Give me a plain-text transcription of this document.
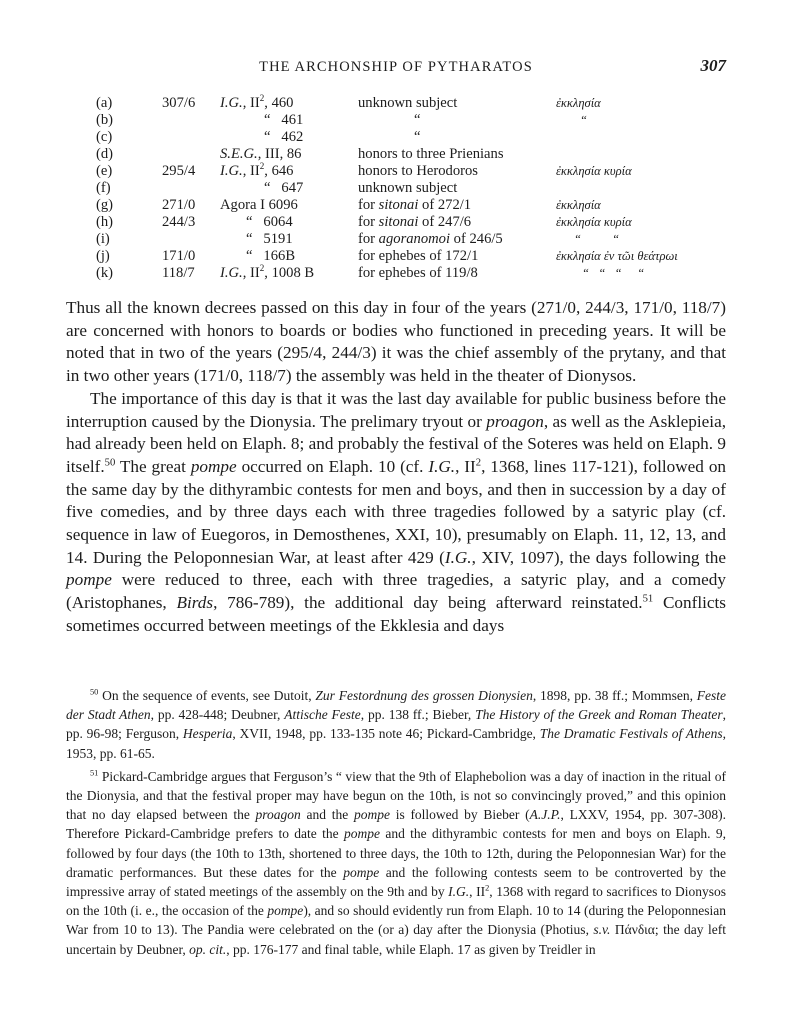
THE ARCHONSHIP OF PYTHARATOS	307
(a)	307/6	I.G., $II^2$, 460	unknown subject	ἐκκλησία
(b)		“   461	“	“
(c)		“   462	“	
(d)		S.E.G., III, 86	honors to three Prienians	
(e)	295/4	I.G., $II^2$, 646	honors to Herodoros	ἐκκλησία κυρία
(f)		“   647	unknown subject	
(g)	271/0	Agora I 6096	for sitonai of 272/1	ἐκκλησία
(h)	244/3	“   6064	for sitonai of 247/6	ἐκκλησία κυρία
(i)		“   5191	for agoranomoi of 246/5	“ “
(j)	171/0	“   166B	for ephebes of 172/1	ἐκκλησία ἐν τῶι θεάτρωι
(k)	118/7	I.G., $II^2$, 1008 B	for ephebes of 119/8	“   “   “     “

Thus all the known decrees passed on this day in four of the years (271/0, 244/3, 171/0, 118/7) are concerned with honors to boards or bodies who functioned in preceding years. It will be noted that in two of the years (295/4, 244/3) it was the chief assembly of the prytany, and that in two other years (171/0, 118/7) the assembly was held in the theater of Dionysos.

The importance of this day is that it was the last day available for public business before the interruption caused by the Dionysia. The prelimary tryout or proagon, as well as the Asklepieia, had already been held on Elaph. 8; and probably the festival of the Soteres was held on Elaph. 9 itself.$^{50}$ The great pompe occurred on Elaph. 10 (cf. I.G., $II^2$, 1368, lines 117-121), followed on the same day by the dithyrambic contests for men and boys, and then in succession by a day of five comedies, and by three days each with three tragedies followed by a satyric play (cf. sequence in law of Euegoros, in Demosthenes, XXI, 10), presumably on Elaph. 11, 12, 13, and 14. During the Peloponnesian War, at least after 429 (I.G., XIV, 1097), the days following the pompe were reduced to three, each with three tragedies, a satyric play, and a comedy (Aristophanes, Birds, 786-789), the additional day being afterward reinstated.$^{51}$ Conflicts sometimes occurred between meetings of the Ekklesia and days

$^{50}$ On the sequence of events, see Dutoit, Zur Festordnung des grossen Dionysien, 1898, pp. 38 ff.; Mommsen, Feste der Stadt Athen, pp. 428-448; Deubner, Attische Feste, pp. 138 ff.; Bieber, The History of the Greek and Roman Theater, pp. 96-98; Ferguson, Hesperia, XVII, 1948, pp. 133-135 note 46; Pickard-Cambridge, The Dramatic Festivals of Athens, 1953, pp. 61-65.

$^{51}$ Pickard-Cambridge argues that Ferguson’s “ view that the 9th of Elaphebolion was a day of inaction in the ritual of the Dionysia, and that the festival proper may have begun on the 10th, is not so convincingly proved,” and this opinion that no day elapsed between the proagon and the pompe is followed by Bieber (A.J.P., LXXV, 1954, pp. 307-308). Therefore Pickard-Cambridge prefers to date the pompe and the dithyrambic contests for men and boys on Elaph. 9, followed by four days (the 10th to 13th, shortened to three days, the 10th to 12th, during the Peloponnesian War) for the dramatic performances. But these dates for the pompe and the following contests seem to be controverted by the impressive array of stated meetings of the assembly on the 9th and by I.G., $II^2$, 1368 with regard to sacrifices to Dionysos on the 10th (i. e., the occasion of the pompe), and so should evidently run from Elaph. 10 to 14 (during the Peloponnesian War from 10 to 13). The Pandia were celebrated on the (or a) day after the Dionysia (Photius, s.v. Πάνδια; the day left uncertain by Deubner, op. cit., pp. 176-177 and final table, while Elaph. 17 as given by Treidler in
